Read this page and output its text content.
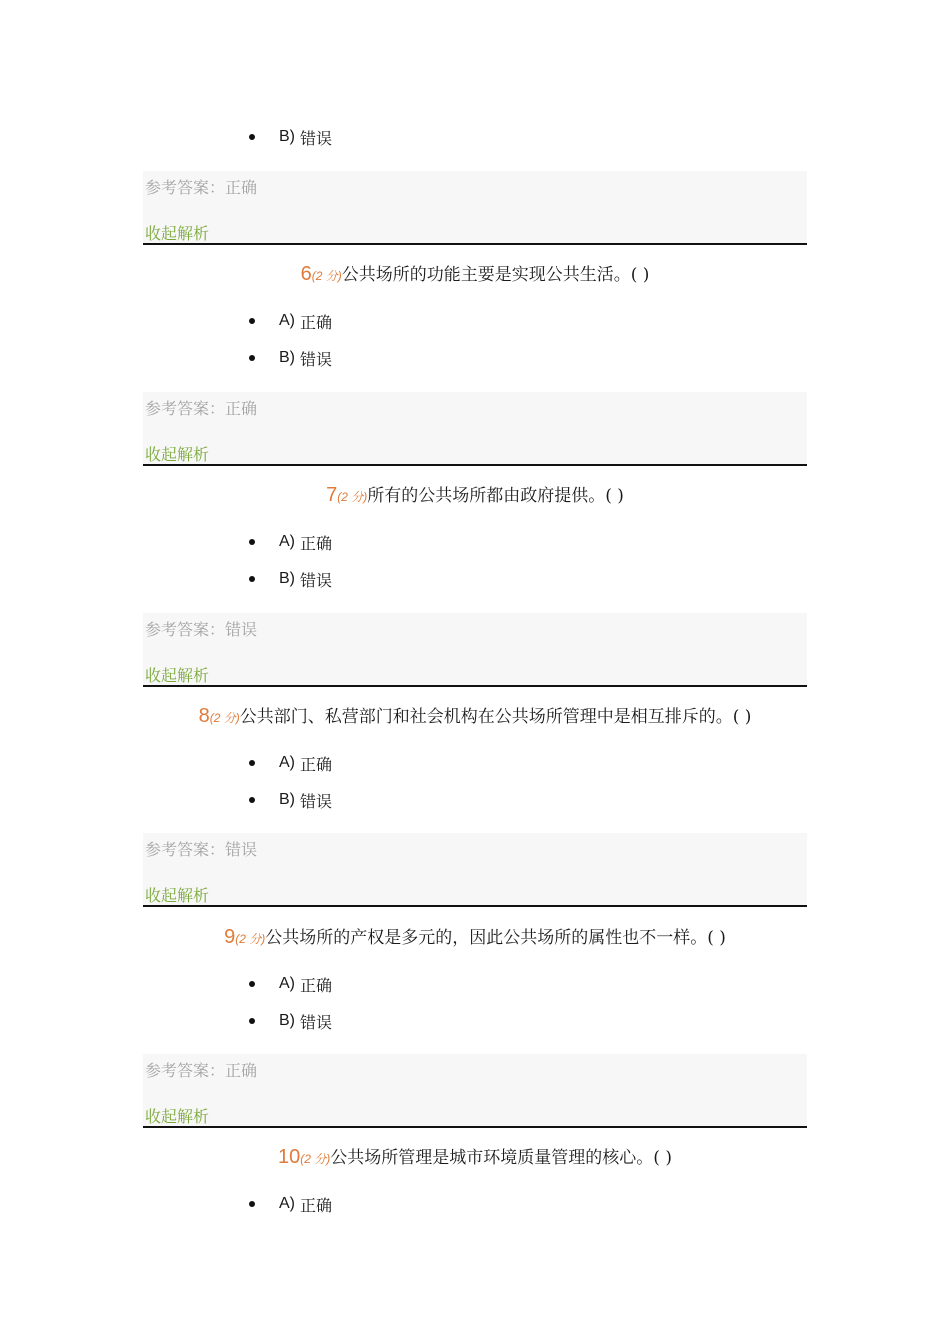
B) 错误
参考答案：正确
收起解析
6(2 分)公共场所的功能主要是实现公共生活。( )
A) 正确
B) 错误
参考答案：正确
收起解析
7(2 分)所有的公共场所都由政府提供。( )
A) 正确
B) 错误
参考答案：错误
收起解析
8(2 分)公共部门、私营部门和社会机构在公共场所管理中是相互排斥的。( )
A) 正确
B) 错误
参考答案：错误
收起解析
9(2 分)公共场所的产权是多元的，因此公共场所的属性也不一样。( )
A) 正确
B) 错误
参考答案：正确
收起解析
10(2 分)公共场所管理是城市环境质量管理的核心。( )
A) 正确
